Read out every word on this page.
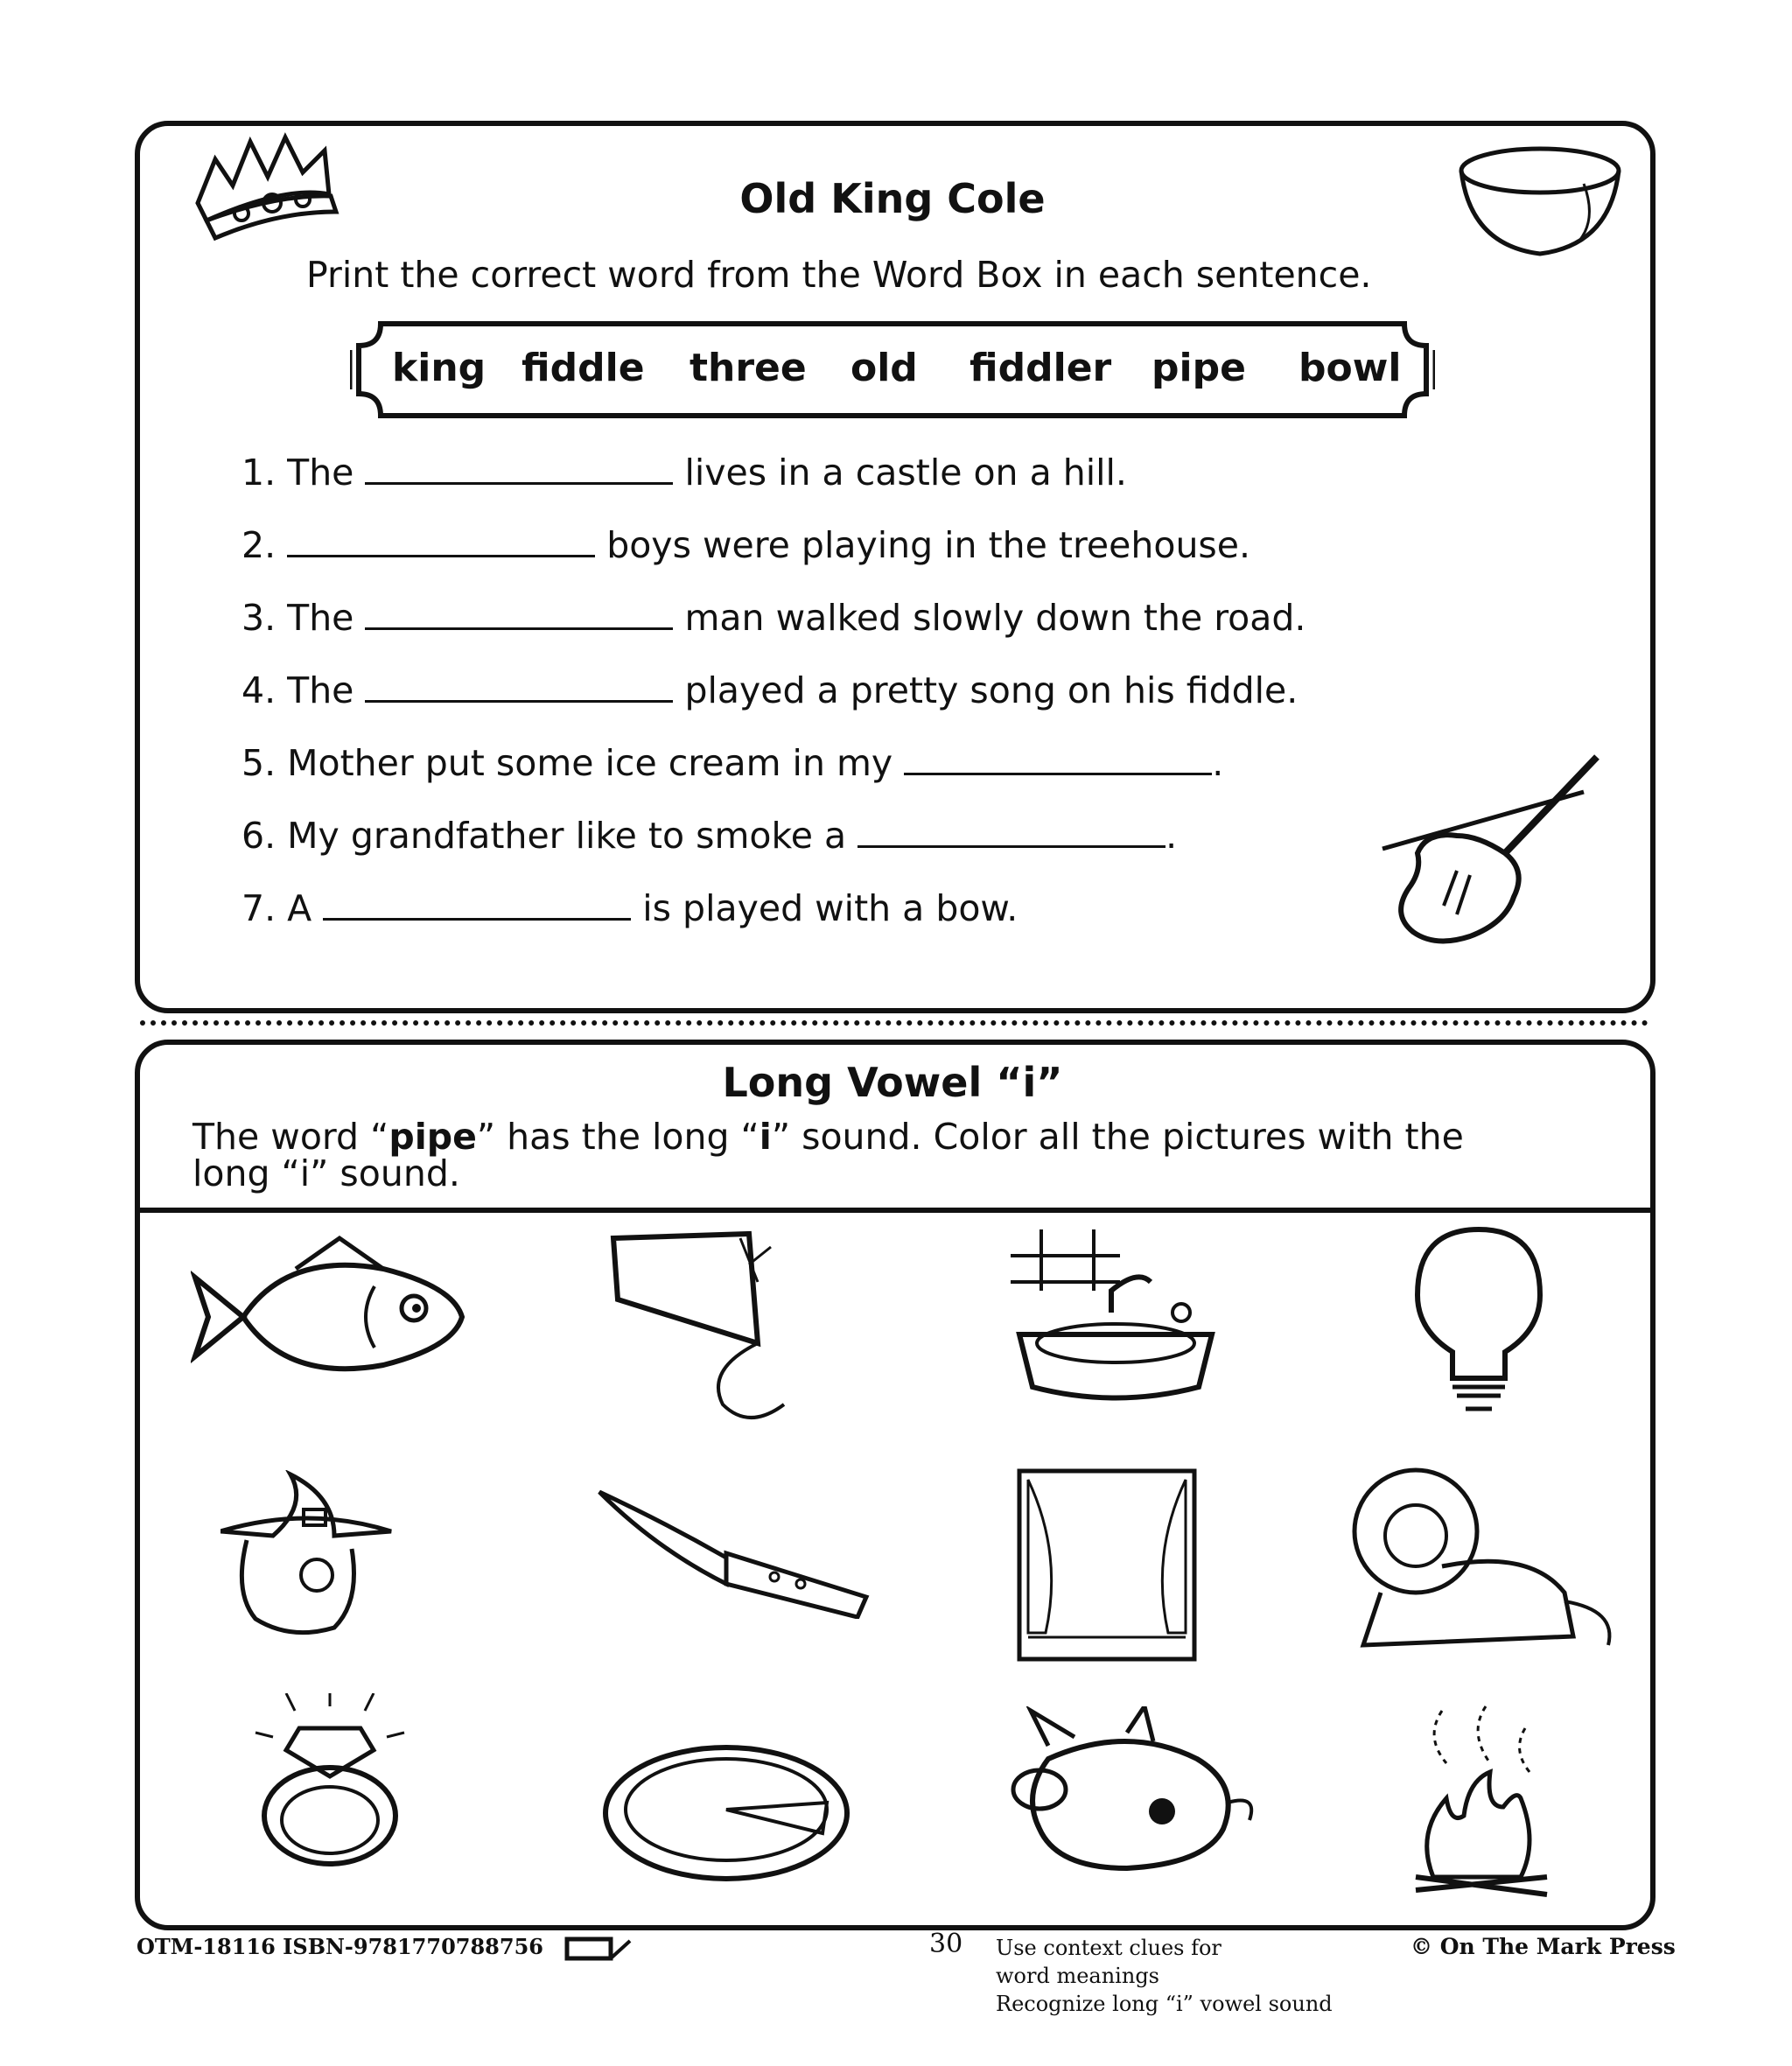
Old King Cole
Print the correct word from the Word Box in each sentence.
king fiddle three old fiddler pipe bowl
1. The	lives in a castle on a hill.
2.	boys were playing in the treehouse.
3. The	man walked slowly down the road.
4. The	played a pretty song on his fiddle.
5. Mother put some ice cream in my	.
6. My grandfather like to smoke a	.
7. A	is played with a bow.
Long Vowel “i”
The word “pipe” has the long “i” sound. Color all the pictures with the
long “i” sound.
OTM-18116 ISBN-9781770788756	30 Use context clues for
word meanings
Recognize long “i” vowel sound
© On The Mark Press
